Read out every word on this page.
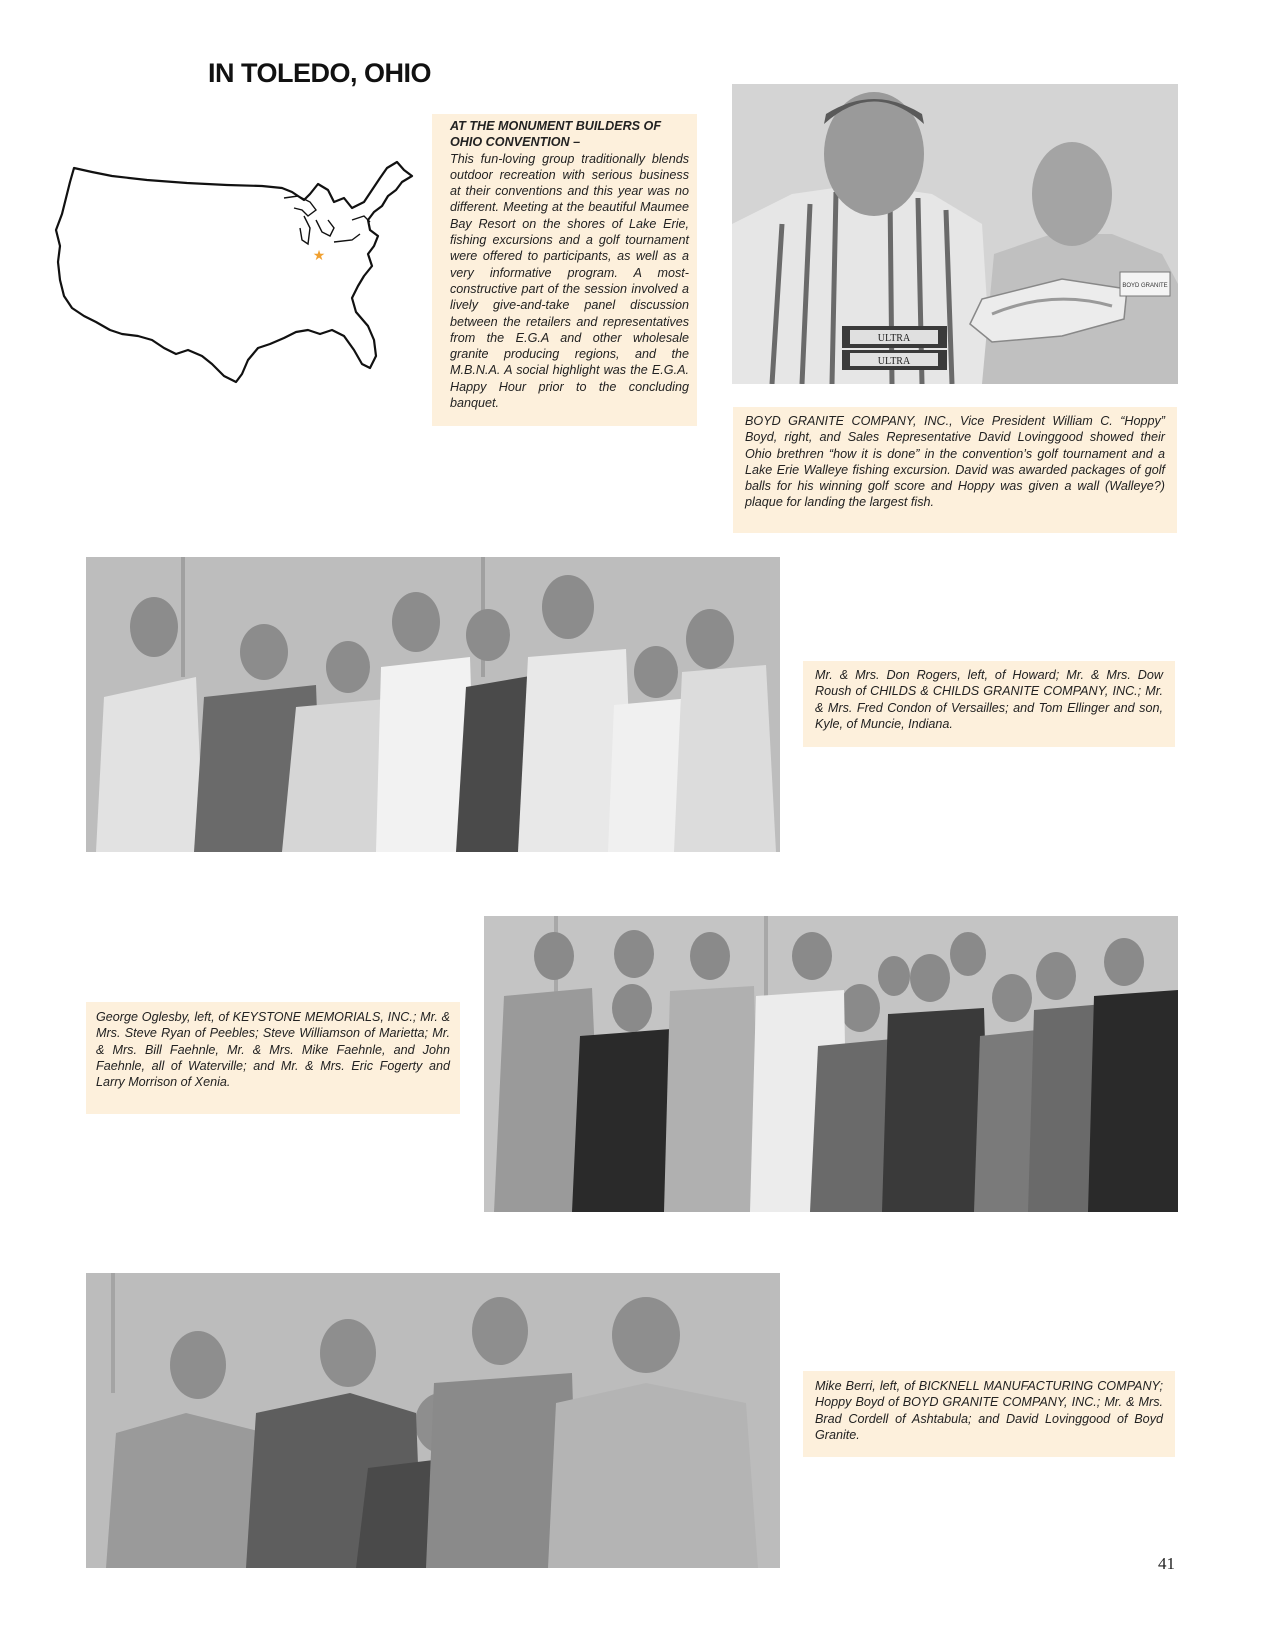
IN TOLEDO, OHIO
★
AT THE MONUMENT BUILDERS OF
OHIO CONVENTION –
This fun-loving group traditionally blends outdoor recreation with serious business at their conventions and this year was no different. Meeting at the beautiful Maumee Bay Resort on the shores of Lake Erie, fishing excursions and a golf tournament were offered to participants, as well as a very informative program. A most-constructive part of the session involved a lively give-and-take panel discussion between the retailers and representatives from the E.G.A and other wholesale granite producing regions, and the M.B.N.A. A social highlight was the E.G.A. Happy Hour prior to the concluding banquet.
ULTRA
ULTRA
BOYD GRANITE
BOYD GRANITE COMPANY, INC., Vice President William C. “Hoppy” Boyd, right, and Sales Representative David Lovinggood showed their Ohio brethren “how it is done” in the convention’s golf tournament and a Lake Erie Walleye fishing excursion. David was awarded packages of golf balls for his winning golf score and Hoppy was given a wall (Walleye?) plaque for landing the largest fish.
Mr. & Mrs. Don Rogers, left, of Howard; Mr. & Mrs. Dow Roush of CHILDS & CHILDS GRANITE COMPANY, INC.; Mr. & Mrs. Fred Condon of Versailles; and Tom Ellinger and son, Kyle, of Muncie, Indiana.
George Oglesby, left, of KEYSTONE MEMORIALS, INC.; Mr. & Mrs. Steve Ryan of Peebles; Steve Williamson of Marietta; Mr. & Mrs. Bill Faehnle, Mr. & Mrs. Mike Faehnle, and John Faehnle, all of Waterville; and Mr. & Mrs. Eric Fogerty and Larry Morrison of Xenia.
Mike Berri, left, of BICKNELL MANUFACTURING COMPANY; Hoppy Boyd of BOYD GRANITE COMPANY, INC.; Mr. & Mrs. Brad Cordell of Ashtabula; and David Lovinggood of Boyd Granite.
41
